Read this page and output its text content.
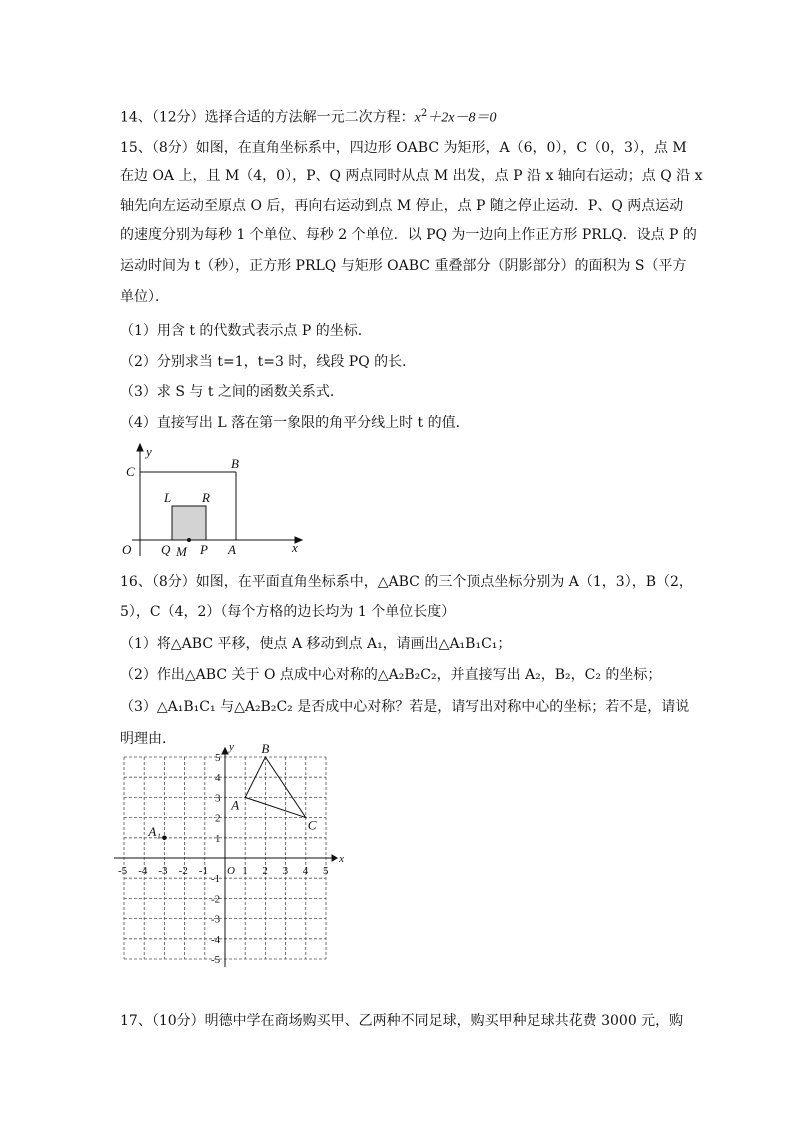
14、（12分）选择合适的方法解一元二次方程：$x^2+2x-8=0$
15、（8分）如图，在直角坐标系中，四边形 OABC 为矩形，A（6，0），C（0，3），点 M
在边 OA 上，且 M（4，0），P、Q 两点同时从点 M 出发，点 P 沿 x 轴向右运动；点 Q 沿 x
轴先向左运动至原点 O 后，再向右运动到点 M 停止，点 P 随之停止运动．P、Q 两点运动
的速度分别为每秒 1 个单位、每秒 2 个单位．以 PQ 为一边向上作正方形 PRLQ．设点 P 的
运动时间为 t（秒），正方形 PRLQ 与矩形 OABC 重叠部分（阴影部分）的面积为 S（平方
单位）．
（1）用含 t 的代数式表示点 P 的坐标．
（2）分别求当 t=1，t=3 时，线段 PQ 的长．
（3）求 S 与 t 之间的函数关系式．
（4）直接写出 L 落在第一象限的角平分线上时 t 的值．
y
x
C
B
L R
O Q M P A
16、（8分）如图，在平面直角坐标系中，△ABC 的三个顶点坐标分别为 A（1，3），B（2，
5），C（4，2）（每个方格的边长均为 1 个单位长度）
（1）将△ABC 平移，使点 A 移动到点 A₁，请画出△A₁B₁C₁；
（2）作出△ABC 关于 O 点成中心对称的△A₂B₂C₂，并直接写出 A₂，B₂，C₂ 的坐标；
（3）△A₁B₁C₁ 与△A₂B₂C₂ 是否成中心对称？若是，请写出对称中心的坐标；若不是，请说
明理由．
-5 -4 -3 -2 -1 O 1 2 3 4 5
5
4
3
2
1
-1
-2
-3
-4
-5
x
y
A
B
C
A₁
17、（10分）明德中学在商场购买甲、乙两种不同足球，购买甲种足球共花费 3000 元，购
